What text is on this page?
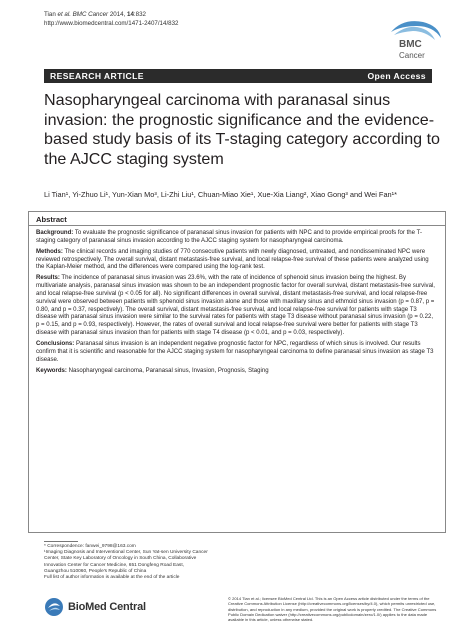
Tian et al. BMC Cancer 2014, 14:832
http://www.biomedcentral.com/1471-2407/14/832
BMC
Cancer
RESEARCH ARTICLE	Open Access
Nasopharyngeal carcinoma with paranasal sinus invasion: the prognostic significance and the evidence-based study basis of its T-staging category according to the AJCC staging system
Li Tian¹, Yi-Zhuo Li¹, Yun-Xian Mo³, Li-Zhi Liu¹, Chuan-Miao Xie¹, Xue-Xia Liang², Xiao Gong³ and Wei Fan¹*
Abstract

Background: To evaluate the prognostic significance of paranasal sinus invasion for patients with NPC and to provide empirical proofs for the T-staging category of paranasal sinus invasion according to the AJCC staging system for nasopharyngeal carcinoma.

Methods: The clinical records and imaging studies of 770 consecutive patients with newly diagnosed, untreated, and nondisseminated NPC were reviewed retrospectively. The overall survival, distant metastasis-free survival, and local relapse-free survival of these patients were analyzed using the Kaplan-Meier method, and the differences were compared using the log-rank test.

Results: The incidence of paranasal sinus invasion was 23.6%, with the rate of incidence of sphenoid sinus invasion being the highest. By multivariate analysis, paranasal sinus invasion was shown to be an independent prognostic factor for overall survival, distant metastasis-free survival, and local relapse-free survival (p < 0.05 for all). No significant differences in overall survival, distant metastasis-free survival, and local relapse-free survival were observed between patients with sphenoid sinus invasion alone and those with maxillary sinus and ethmoid sinus invasion (p = 0.87, p = 0.80, and p = 0.37, respectively). The overall survival, distant metastasis-free survival, and local relapse-free survival for patients with stage T3 disease with paranasal sinus invasion were similar to the survival rates for patients with stage T3 disease without paranasal sinus invasion (p = 0.22, p = 0.15, and p = 0.93, respectively). However, the rates of overall survival and local relapse-free survival were better for patients with stage T3 disease with paranasal sinus invasion than for patients with stage T4 disease (p < 0.01, and p = 0.03, respectively).

Conclusions: Paranasal sinus invasion is an independent negative prognostic factor for NPC, regardless of which sinus is involved. Our results confirm that it is scientific and reasonable for the AJCC staging system for nasopharyngeal carcinoma to define paranasal sinus invasion as stage T3 disease.

Keywords: Nasopharyngeal carcinoma, Paranasal sinus, Invasion, Prognosis, Staging

* Correspondence: fanwei_9798@163.com
¹Imaging Diagnosis and Interventional Center, Sun Yat-sen University Cancer
Center, State Key Laboratory of Oncology in South China, Collaborative
Innovation Center for Cancer Medicine, 651 Dongfeng Road East,
Guangzhou 510060, People's Republic of China
Full list of author information is available at the end of the article
BioMed Central
© 2014 Tian et al.; licensee BioMed Central Ltd. This is an Open Access article distributed under the terms of the Creative Commons Attribution License (http://creativecommons.org/licenses/by/4.0), which permits unrestricted use, distribution, and reproduction in any medium, provided the original work is properly credited. The Creative Commons Public Domain Dedication waiver (http://creativecommons.org/publicdomain/zero/1.0/) applies to the data made available in this article, unless otherwise stated.
